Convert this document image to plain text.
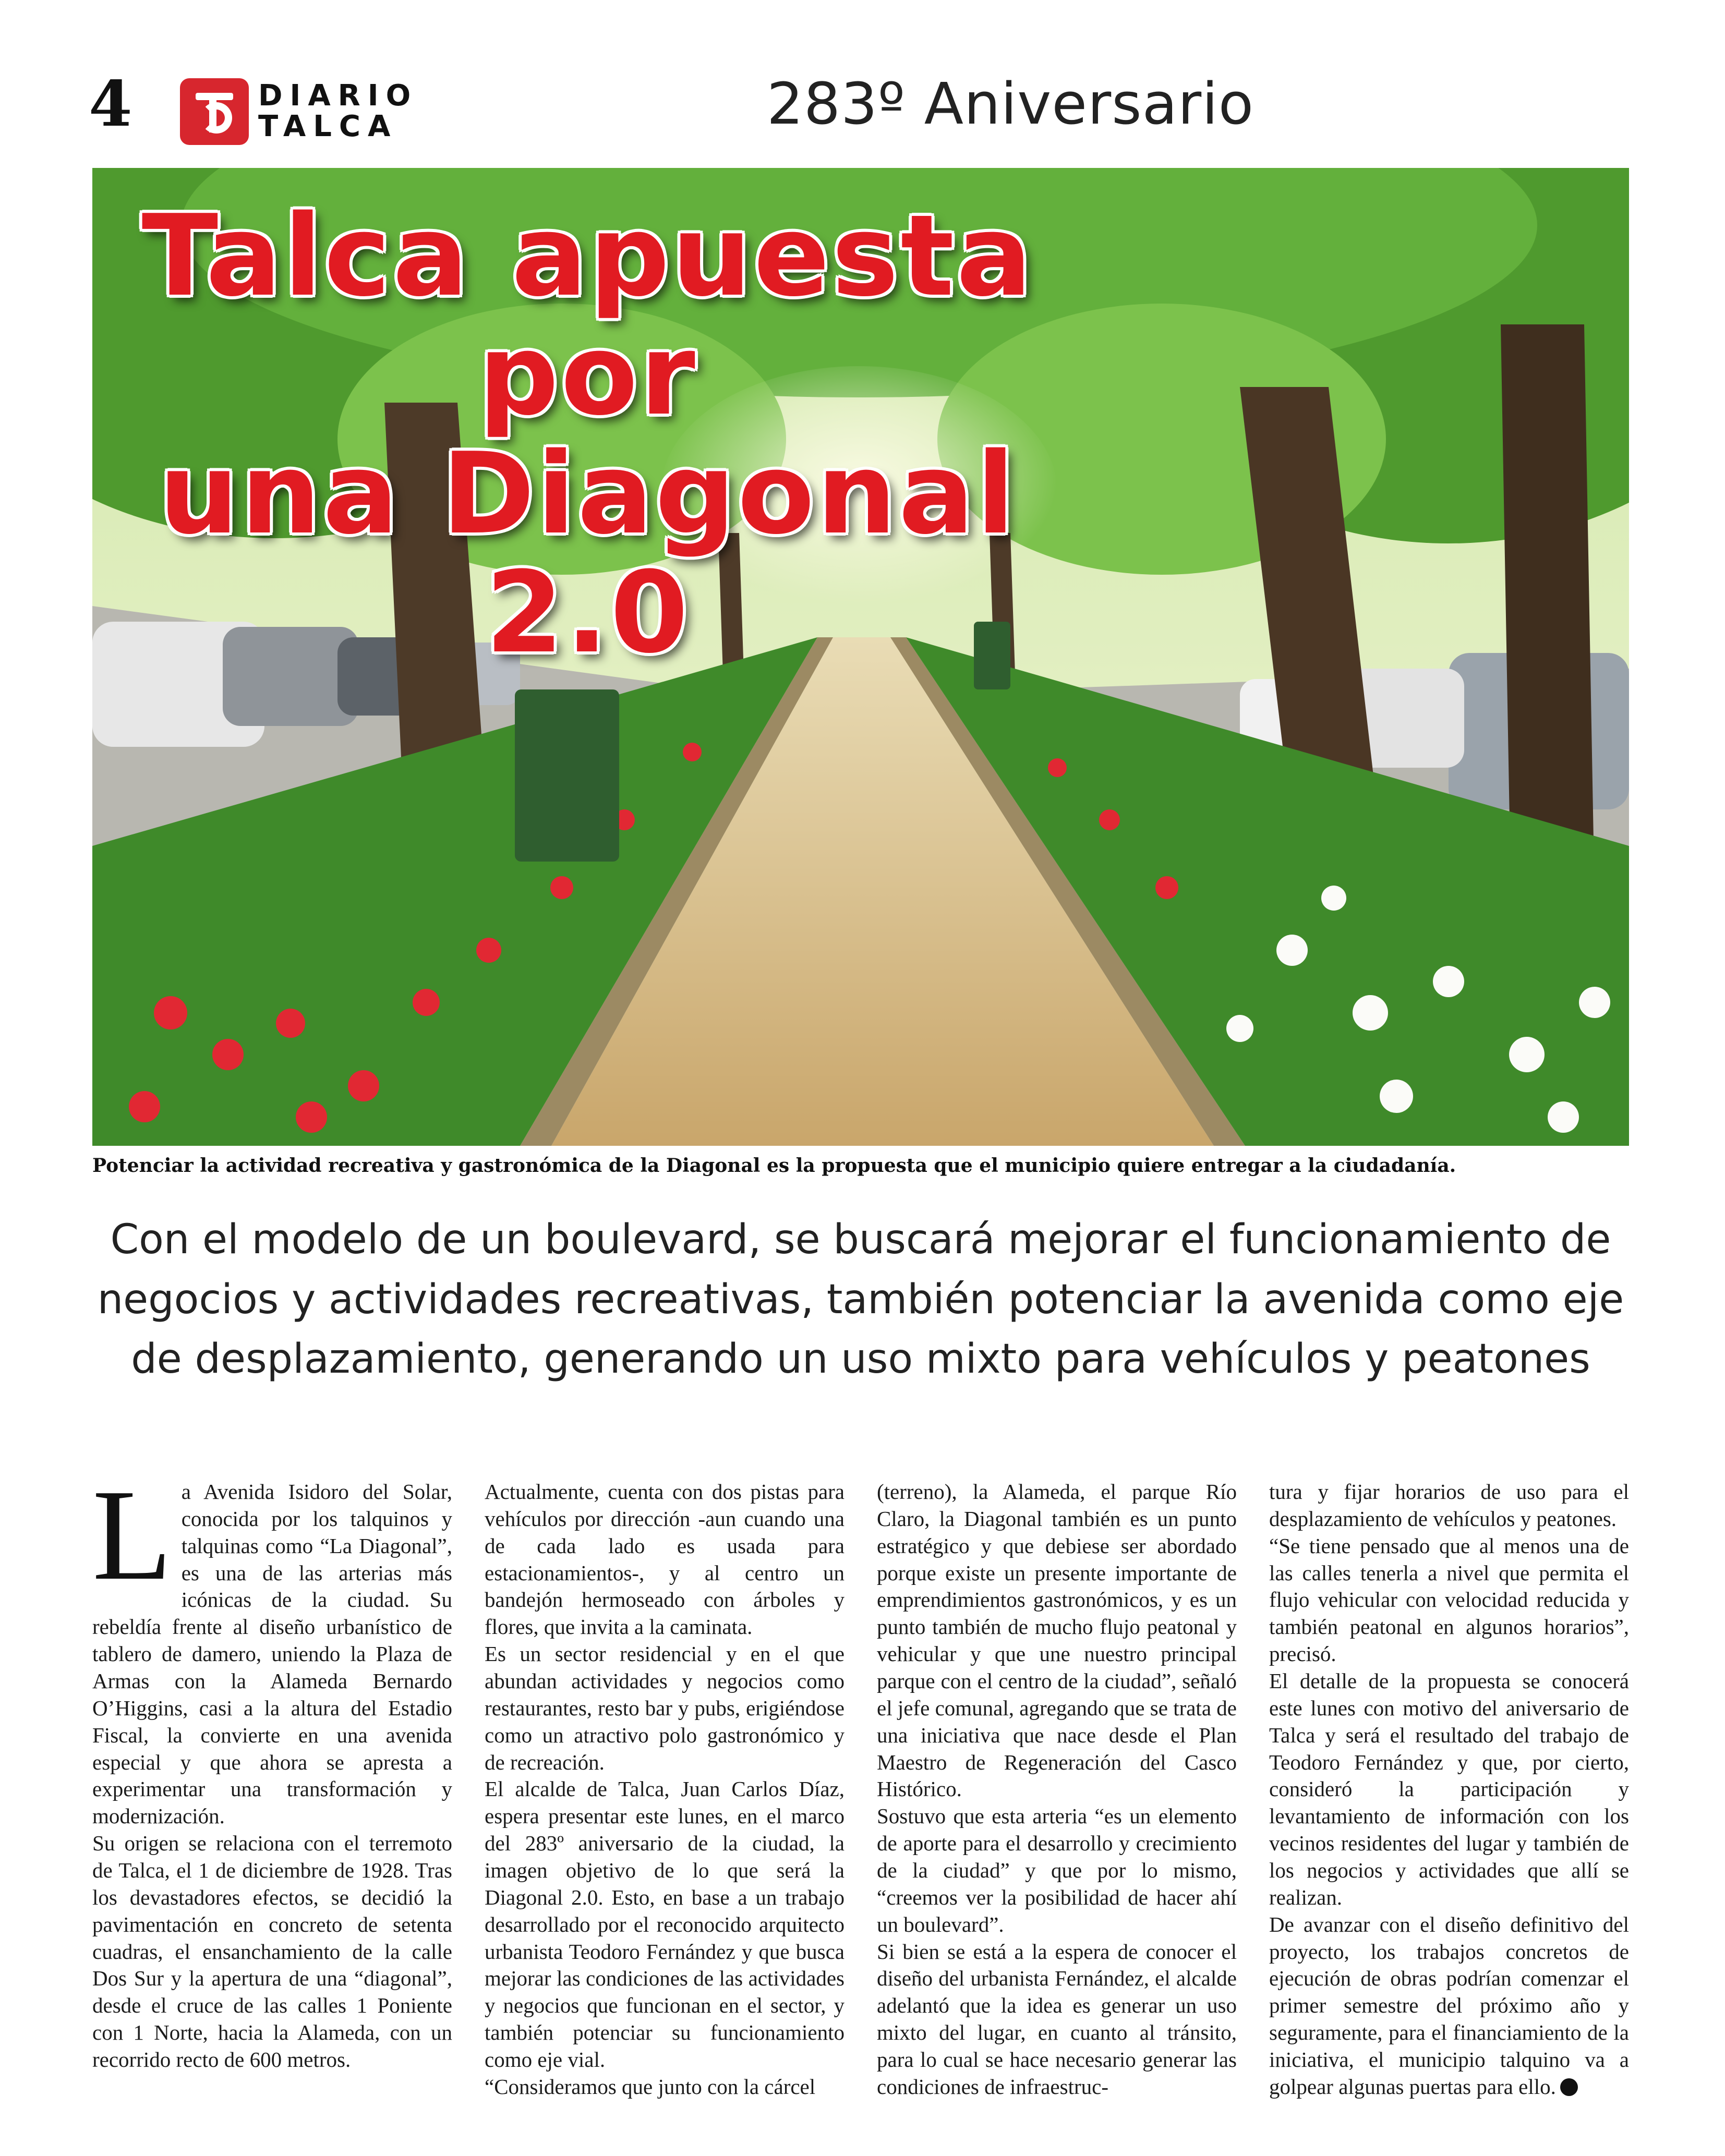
4	DIARIO
TALCA	283º Aniversario
Talca apuesta por
una Diagonal 2.0
Potenciar la actividad recreativa y gastronómica de la Diagonal es la propuesta que el municipio quiere entregar a la ciudadanía.
Con el modelo de un boulevard, se buscará mejorar el funcionamiento de negocios y actividades recreativas, también potenciar la avenida como eje de desplazamiento, generando un uso mixto para vehículos y peatones

La Avenida Isidoro del Solar, conocida por los talquinos y talquinas como “La Diagonal”, es una de las arterias más icónicas de la ciudad. Su rebeldía frente al diseño urbanístico de tablero de damero, uniendo la Plaza de Armas con la Alameda Bernardo O’Higgins, casi a la altura del Estadio Fiscal, la convierte en una avenida especial y que ahora se apresta a experimentar una transformación y modernización.

Su origen se relaciona con el terremoto de Talca, el 1 de diciembre de 1928. Tras los devastadores efectos, se decidió la pavimentación en concreto de setenta cuadras, el ensanchamiento de la calle Dos Sur y la apertura de una “diagonal”, desde el cruce de las calles 1 Poniente con 1 Norte, hacia la Alameda, con un recorrido recto de 600 metros.

Actualmente, cuenta con dos pistas para vehículos por dirección -aun cuando una de cada lado es usada para estacionamientos-, y al centro un bandejón hermoseado con árboles y flores, que invita a la caminata.

Es un sector residencial y en el que abundan actividades y negocios como restaurantes, resto bar y pubs, erigiéndose como un atractivo polo gastronómico y de recreación.

El alcalde de Talca, Juan Carlos Díaz, espera presentar este lunes, en el marco del 283º aniversario de la ciudad, la imagen objetivo de lo que será la Diagonal 2.0. Esto, en base a un trabajo desarrollado por el reconocido arquitecto urbanista Teodoro Fernández y que busca mejorar las condiciones de las actividades y negocios que funcionan en el sector, y también potenciar su funcionamiento como eje vial.

“Consideramos que junto con la cárcel

(terreno), la Alameda, el parque Río Claro, la Diagonal también es un punto estratégico y que debiese ser abordado porque existe un presente importante de emprendimientos gastronómicos, y es un punto también de mucho flujo peatonal y vehicular y que une nuestro principal parque con el centro de la ciudad”, señaló el jefe comunal, agregando que se trata de una iniciativa que nace desde el Plan Maestro de Regeneración del Casco Histórico.

Sostuvo que esta arteria “es un elemento de aporte para el desarrollo y crecimiento de la ciudad” y que por lo mismo, “creemos ver la posibilidad de hacer ahí un boulevard”.

Si bien se está a la espera de conocer el diseño del urbanista Fernández, el alcalde adelantó que la idea es generar un uso mixto del lugar, en cuanto al tránsito, para lo cual se hace necesario generar las condiciones de infraestruc-

tura y fijar horarios de uso para el desplazamiento de vehículos y peatones.

“Se tiene pensado que al menos una de las calles tenerla a nivel que permita el flujo vehicular con velocidad reducida y también peatonal en algunos horarios”, precisó.

El detalle de la propuesta se conocerá este lunes con motivo del aniversario de Talca y será el resultado del trabajo de Teodoro Fernández y que, por cierto, consideró la participación y levantamiento de información con los vecinos residentes del lugar y también de los negocios y actividades que allí se realizan.

De avanzar con el diseño definitivo del proyecto, los trabajos concretos de ejecución de obras podrían comenzar el primer semestre del próximo año y seguramente, para el financiamiento de la iniciativa, el municipio talquino va a golpear algunas puertas para ello.
